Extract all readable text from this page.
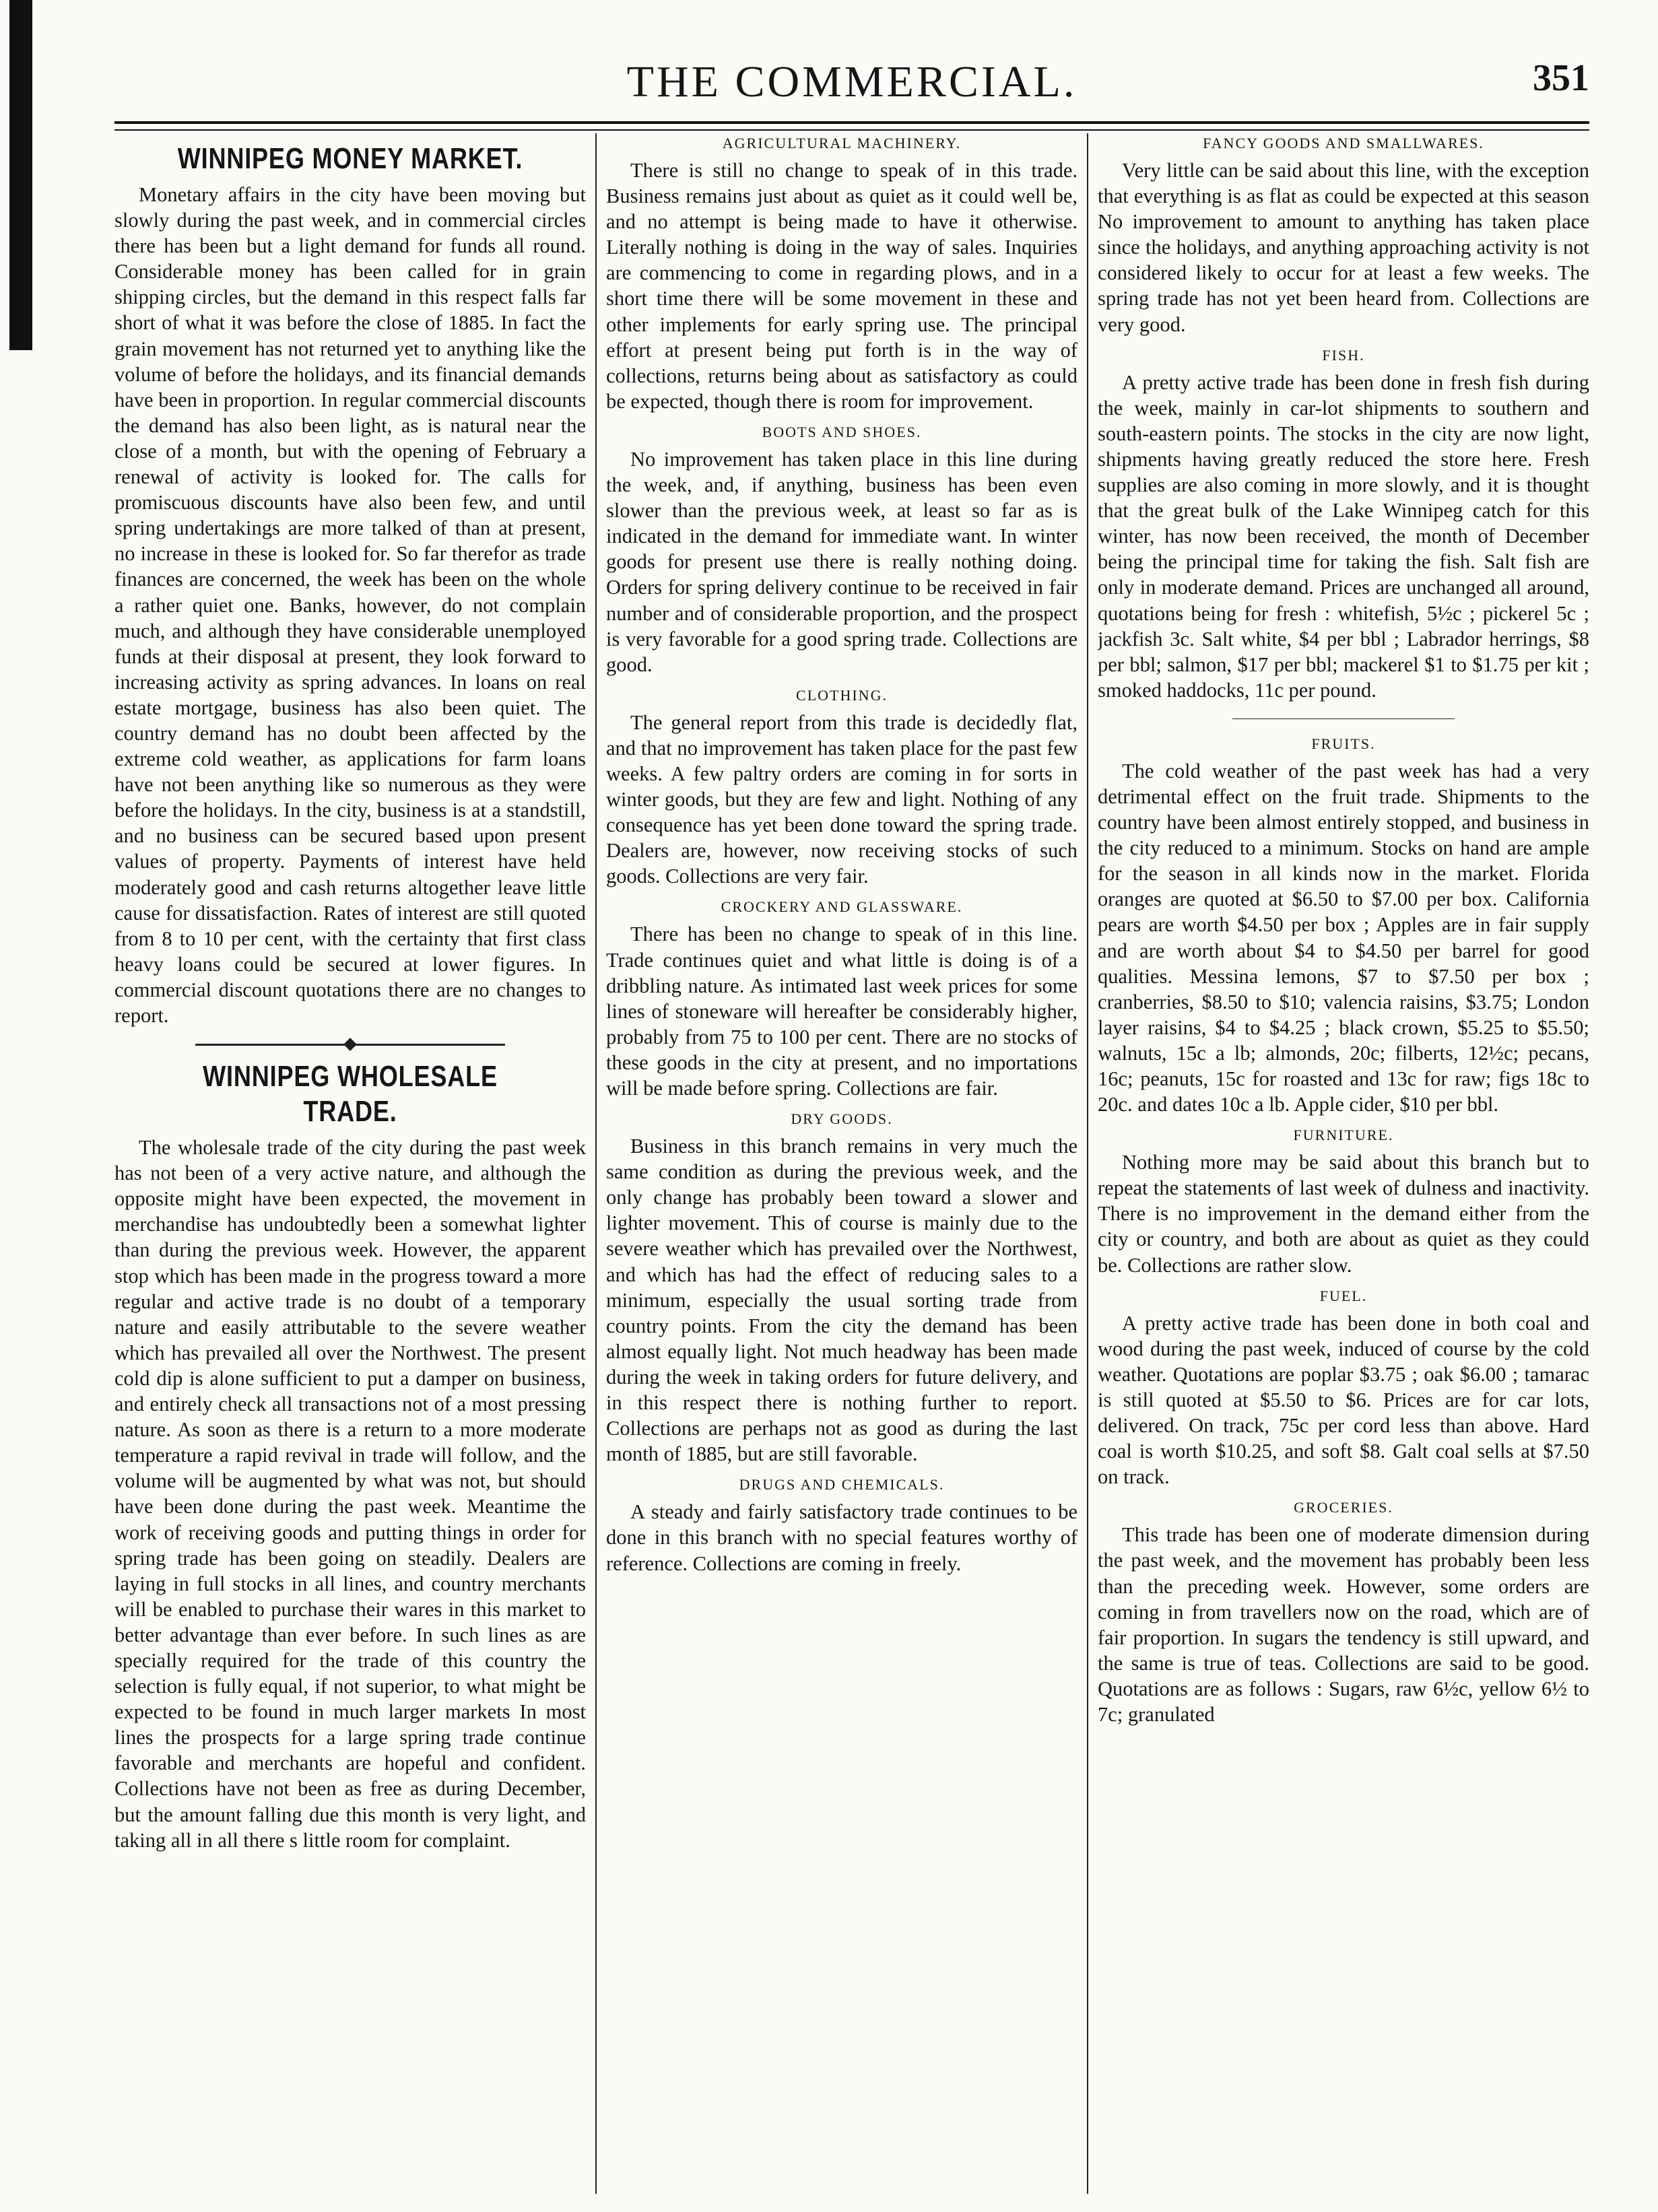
THE COMMERCIAL.	351
WINNIPEG MONEY MARKET.

Monetary affairs in the city have been moving but slowly during the past week, and in commercial circles there has been but a light demand for funds all round. Considerable money has been called for in grain shipping circles, but the demand in this respect falls far short of what it was before the close of 1885. In fact the grain movement has not returned yet to anything like the volume of before the holidays, and its financial demands have been in proportion. In regular commercial discounts the demand has also been light, as is natural near the close of a month, but with the opening of February a renewal of activity is looked for. The calls for promiscuous discounts have also been few, and until spring undertakings are more talked of than at present, no increase in these is looked for. So far therefor as trade finances are concerned, the week has been on the whole a rather quiet one. Banks, however, do not complain much, and although they have considerable unemployed funds at their disposal at present, they look forward to increasing activity as spring advances. In loans on real estate mortgage, business has also been quiet. The country demand has no doubt been affected by the extreme cold weather, as applications for farm loans have not been anything like so numerous as they were before the holidays. In the city, business is at a standstill, and no business can be secured based upon present values of property. Payments of interest have held moderately good and cash returns altogether leave little cause for dissatisfaction. Rates of interest are still quoted from 8 to 10 per cent, with the certainty that first class heavy loans could be secured at lower figures. In commercial discount quotations there are no changes to report.

WINNIPEG WHOLESALE TRADE.

The wholesale trade of the city during the past week has not been of a very active nature, and although the opposite might have been expected, the movement in merchandise has undoubtedly been a somewhat lighter than during the previous week. However, the apparent stop which has been made in the progress toward a more regular and active trade is no doubt of a temporary nature and easily attributable to the severe weather which has prevailed all over the Northwest. The present cold dip is alone sufficient to put a damper on business, and entirely check all transactions not of a most pressing nature. As soon as there is a return to a more moderate temperature a rapid revival in trade will follow, and the volume will be augmented by what was not, but should have been done during the past week. Meantime the work of receiving goods and putting things in order for spring trade has been going on steadily. Dealers are laying in full stocks in all lines, and country merchants will be enabled to purchase their wares in this market to better advantage than ever before. In such lines as are specially required for the trade of this country the selection is fully equal, if not superior, to what might be expected to be found in much larger markets In most lines the prospects for a large spring trade continue favorable and merchants are hopeful and confident. Collections have not been as free as during December, but the amount falling due this month is very light, and taking all in all there s little room for complaint.

AGRICULTURAL MACHINERY.

There is still no change to speak of in this trade. Business remains just about as quiet as it could well be, and no attempt is being made to have it otherwise. Literally nothing is doing in the way of sales. Inquiries are commencing to come in regarding plows, and in a short time there will be some movement in these and other implements for early spring use. The principal effort at present being put forth is in the way of collections, returns being about as satisfactory as could be expected, though there is room for improvement.

BOOTS AND SHOES.

No improvement has taken place in this line during the week, and, if anything, business has been even slower than the previous week, at least so far as is indicated in the demand for immediate want. In winter goods for present use there is really nothing doing. Orders for spring delivery continue to be received in fair number and of considerable proportion, and the prospect is very favorable for a good spring trade. Collections are good.

CLOTHING.

The general report from this trade is decidedly flat, and that no improvement has taken place for the past few weeks. A few paltry orders are coming in for sorts in winter goods, but they are few and light. Nothing of any consequence has yet been done toward the spring trade. Dealers are, however, now receiving stocks of such goods. Collections are very fair.

CROCKERY AND GLASSWARE.

There has been no change to speak of in this line. Trade continues quiet and what little is doing is of a dribbling nature. As intimated last week prices for some lines of stoneware will hereafter be considerably higher, probably from 75 to 100 per cent. There are no stocks of these goods in the city at present, and no importations will be made before spring. Collections are fair.

DRY GOODS.

Business in this branch remains in very much the same condition as during the previous week, and the only change has probably been toward a slower and lighter movement. This of course is mainly due to the severe weather which has prevailed over the Northwest, and which has had the effect of reducing sales to a minimum, especially the usual sorting trade from country points. From the city the demand has been almost equally light. Not much headway has been made during the week in taking orders for future delivery, and in this respect there is nothing further to report. Collections are perhaps not as good as during the last month of 1885, but are still favorable.

DRUGS AND CHEMICALS.

A steady and fairly satisfactory trade continues to be done in this branch with no special features worthy of reference. Collections are coming in freely.

FANCY GOODS AND SMALLWARES.

Very little can be said about this line, with the exception that everything is as flat as could be expected at this season No improvement to amount to anything has taken place since the holidays, and anything approaching activity is not considered likely to occur for at least a few weeks. The spring trade has not yet been heard from. Collections are very good.

FISH.

A pretty active trade has been done in fresh fish during the week, mainly in car-lot shipments to southern and south-eastern points. The stocks in the city are now light, shipments having greatly reduced the store here. Fresh supplies are also coming in more slowly, and it is thought that the great bulk of the Lake Winnipeg catch for this winter, has now been received, the month of December being the principal time for taking the fish. Salt fish are only in moderate demand. Prices are unchanged all around, quotations being for fresh : whitefish, 5½c ; pickerel 5c ; jackfish 3c. Salt white, $4 per bbl ; Labrador herrings, $8 per bbl; salmon, $17 per bbl; mackerel $1 to $1.75 per kit ; smoked haddocks, 11c per pound.

FRUITS.

The cold weather of the past week has had a very detrimental effect on the fruit trade. Shipments to the country have been almost entirely stopped, and business in the city reduced to a minimum. Stocks on hand are ample for the season in all kinds now in the market. Florida oranges are quoted at $6.50 to $7.00 per box. California pears are worth $4.50 per box ; Apples are in fair supply and are worth about $4 to $4.50 per barrel for good qualities. Messina lemons, $7 to $7.50 per box ; cranberries, $8.50 to $10; valencia raisins, $3.75; London layer raisins, $4 to $4.25 ; black crown, $5.25 to $5.50; walnuts, 15c a lb; almonds, 20c; filberts, 12½c; pecans, 16c; peanuts, 15c for roasted and 13c for raw; figs 18c to 20c. and dates 10c a lb. Apple cider, $10 per bbl.

FURNITURE.

Nothing more may be said about this branch but to repeat the statements of last week of dulness and inactivity. There is no improvement in the demand either from the city or country, and both are about as quiet as they could be. Collections are rather slow.

FUEL.

A pretty active trade has been done in both coal and wood during the past week, induced of course by the cold weather. Quotations are poplar $3.75 ; oak $6.00 ; tamarac is still quoted at $5.50 to $6. Prices are for car lots, delivered. On track, 75c per cord less than above. Hard coal is worth $10.25, and soft $8. Galt coal sells at $7.50 on track.

GROCERIES.

This trade has been one of moderate dimension during the past week, and the movement has probably been less than the preceding week. However, some orders are coming in from travellers now on the road, which are of fair proportion. In sugars the tendency is still upward, and the same is true of teas. Collections are said to be good. Quotations are as follows : Sugars, raw 6½c, yellow 6½ to 7c; granulated
